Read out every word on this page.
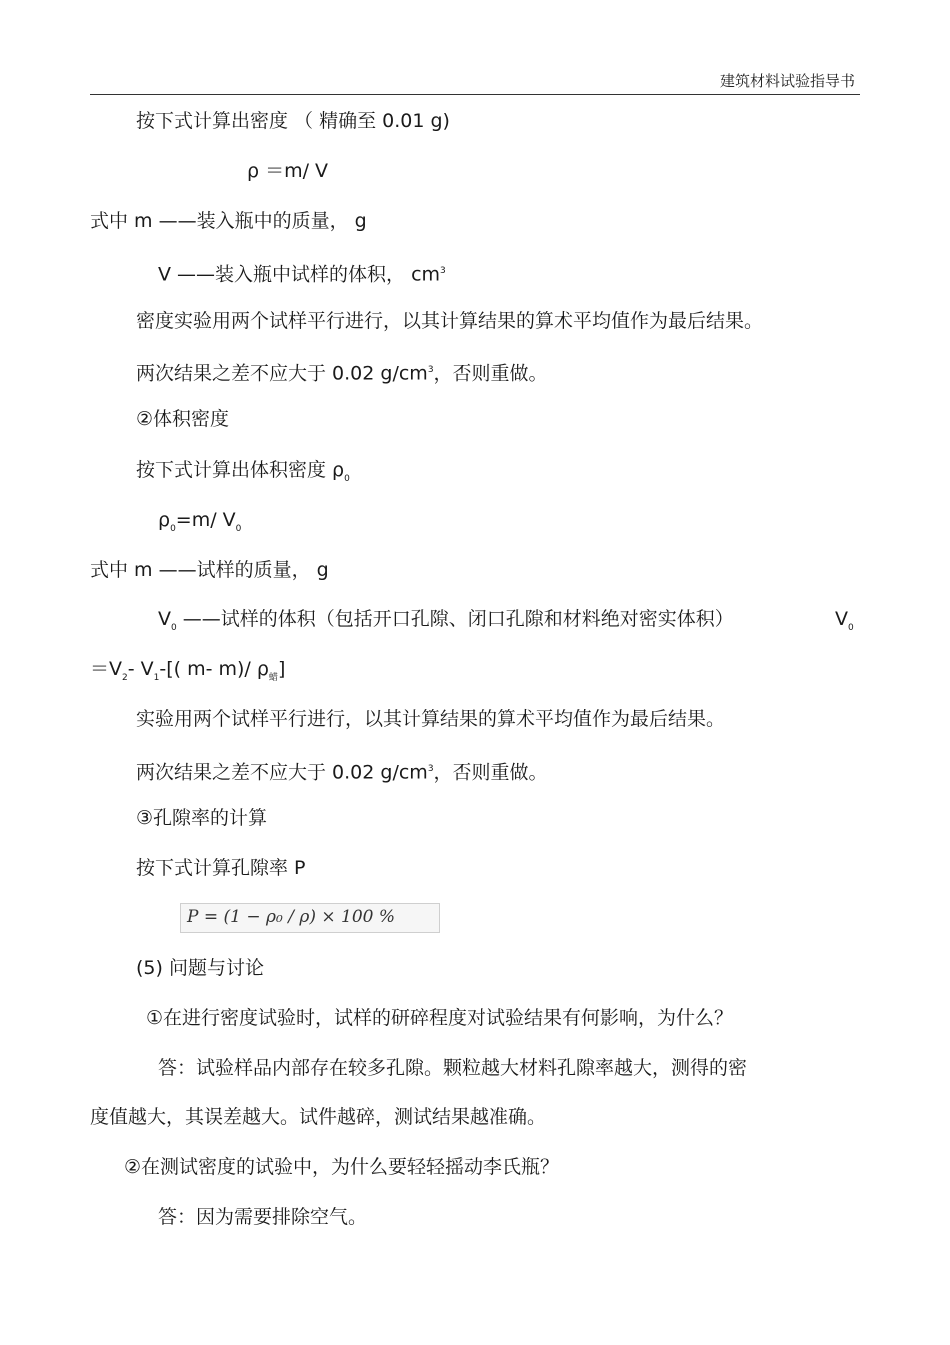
建筑材料试验指导书
按下式计算出密度 （ 精确至 0.01 g)
ρ ＝m/ V
式中 m ——装入瓶中的质量， g
V ——装入瓶中试样的体积， $cm^3$
密度实验用两个试样平行进行，以其计算结果的算术平均值作为最后结果。
两次结果之差不应大于 0.02 $g/cm^3$，否则重做。
②体积密度
按下式计算出体积密度 $\rho_0$
$\rho_0=m/$ $V_0$
式中 m ——试样的质量， g
$V_0$ ——试样的体积（包括开口孔隙、闭口孔隙和材料绝对密实体积）	$V_0$
$=V_2-$ $V_1-$[( m- m)/ $\rho_蜡$]
实验用两个试样平行进行，以其计算结果的算术平均值作为最后结果。
两次结果之差不应大于 0.02 $g/cm^3$，否则重做。
③孔隙率的计算
按下式计算孔隙率 P
P = (1 − ρ₀ / ρ) × 100 %
(5) 问题与讨论
①在进行密度试验时，试样的研碎程度对试验结果有何影响，为什么？
答：试验样品内部存在较多孔隙。颗粒越大材料孔隙率越大，测得的密
度值越大，其误差越大。试件越碎，测试结果越准确。
②在测试密度的试验中，为什么要轻轻摇动李氏瓶？
答：因为需要排除空气。
